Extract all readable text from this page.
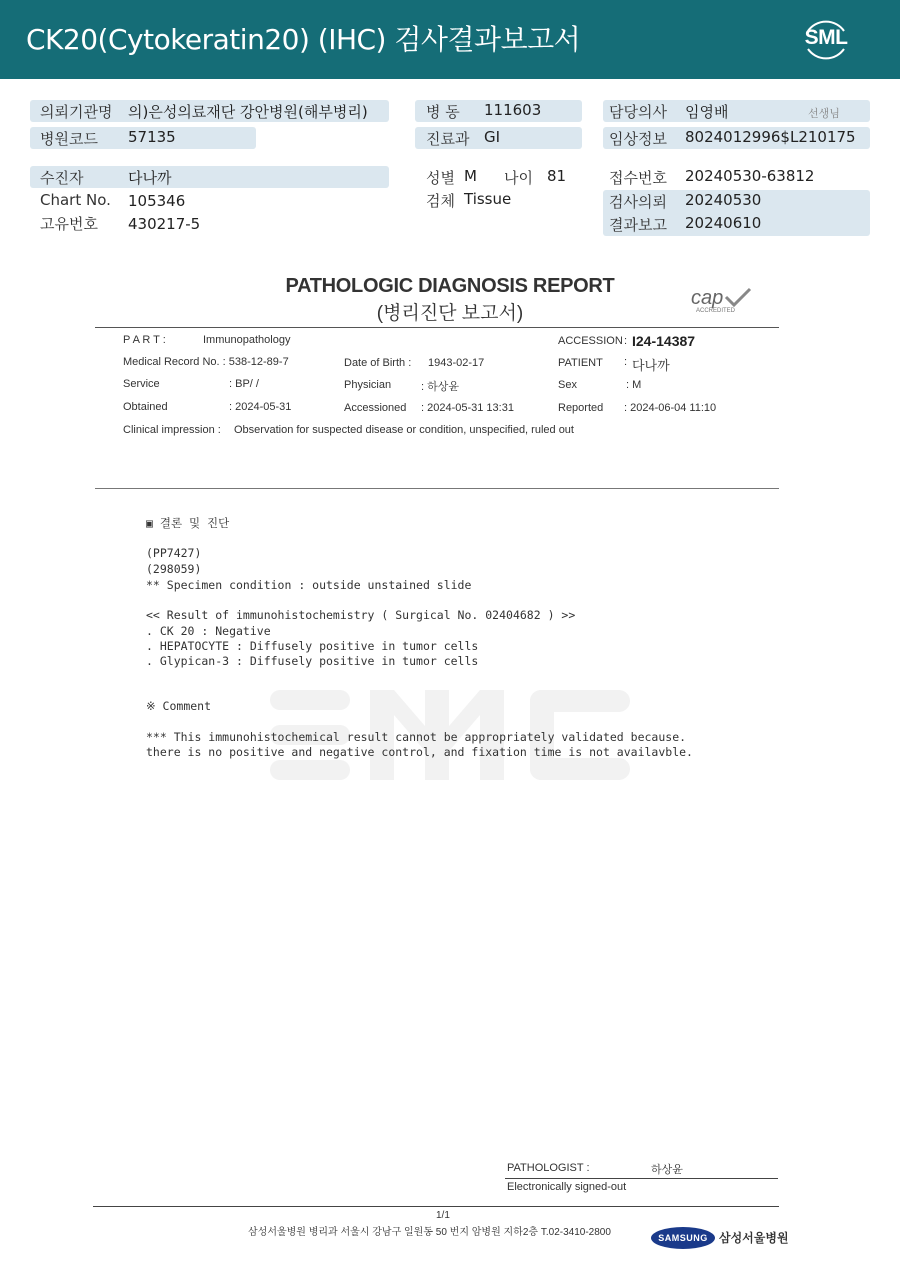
CK20(Cytokeratin20) (IHC) 검사결과보고서	SML
의뢰기관명 의)은성의료재단 강안병원(해부병리)
병원코드 57135
병 동 111603
진료과 GI
담당의사 임영배	선생님
임상정보 8024012996$L210175
수진자	다나까
Chart No. 105346
고유번호 430217-5
성별 M 나이 81
검체 Tissue
접수번호 20240530-63812
검사의뢰 20240530
결과보고 20240610
PATHOLOGIC DIAGNOSIS REPORT
(병리진단 보고서)
cap
ACCREDITED
P A R T :	Immunopathology	ACCESSION : I24-14387
Medical Record No. : 538-12-89-7	Date of Birth : 1943-02-17	PATIENT : 다나까
Service	: BP/ /	Physician	: 하상윤	Sex	: M
Obtained	: 2024-05-31	Accessioned : 2024-05-31 13:31	Reported : 2024-06-04 11:10
Clinical impression : Observation for suspected disease or condition, unspecified, ruled out
▣ 결론 및 진단
(PP7427)
(298059)
** Specimen condition : outside unstained slide
<< Result of immunohistochemistry ( Surgical No. 02404682 ) >>
. CK 20 : Negative
. HEPATOCYTE : Diffusely positive in tumor cells
. Glypican-3 : Diffusely positive in tumor cells
※ Comment
*** This immunohistochemical result cannot be appropriately validated because.
there is no positive and negative control, and fixation time is not availavble.
PATHOLOGIST :	하상윤
Electronically signed-out
1/1
삼성서울병원 병리과 서울시 강남구 일원동 50 번지 암병원 지하2층 T.02-3410-2800	SAMSUNG 삼성서울병원
